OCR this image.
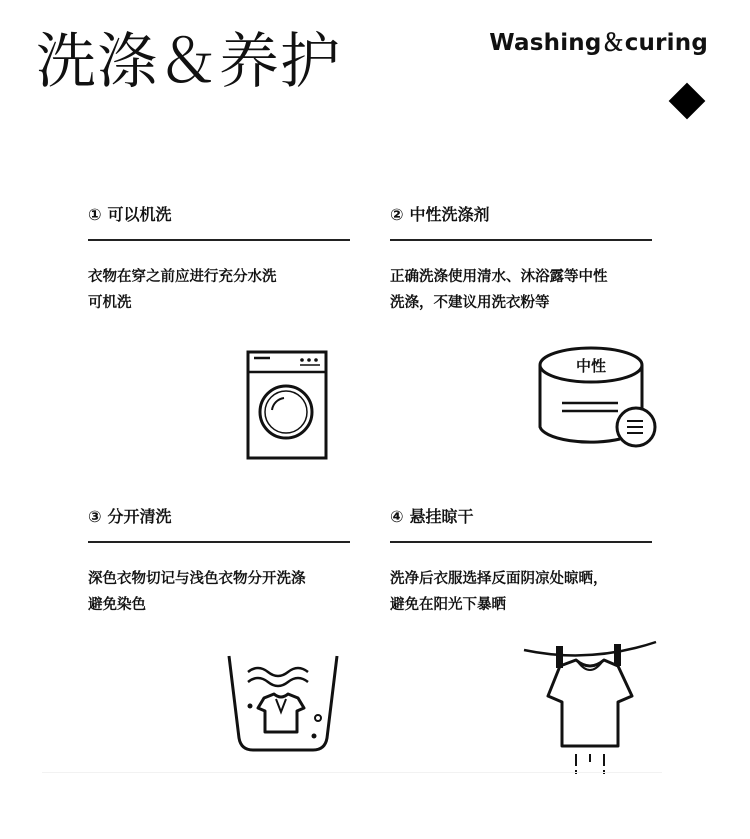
洗涤＆养护	Washing＆curing
① 可以机洗
衣物在穿之前应进行充分水洗
可机洗
② 中性洗涤剂
正确洗涤使用清水、沐浴露等中性
洗涤，不建议用洗衣粉等
③ 分开清洗
深色衣物切记与浅色衣物分开洗涤
避免染色
④ 悬挂晾干
洗净后衣服选择反面阴凉处晾晒，
避免在阳光下暴晒
中性
